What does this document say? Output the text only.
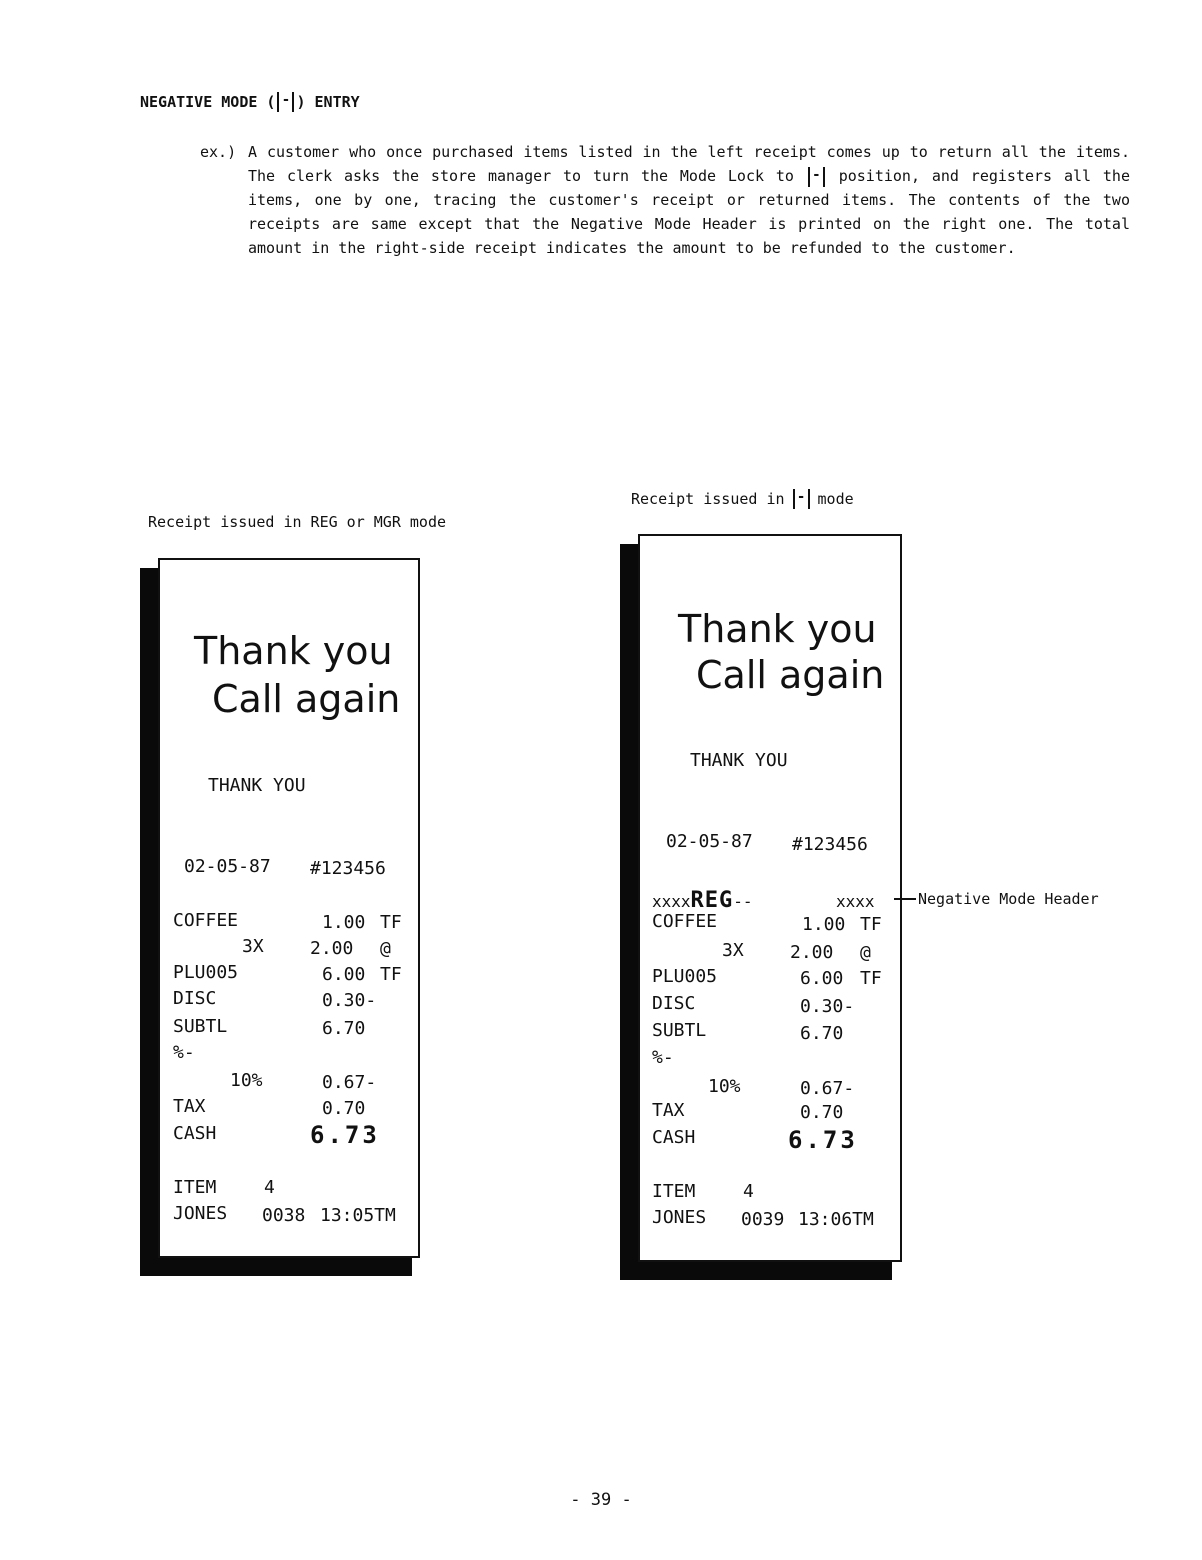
NEGATIVE MODE ( - ) ENTRY
ex.) A customer who once purchased items listed in the left receipt comes up to return all the items. The clerk asks the store manager to turn the Mode Lock to - position, and registers all the items, one by one, tracing the customer's receipt or returned items. The contents of the two receipts are same except that the Negative Mode Header is printed on the right one. The total amount in the right-side receipt indicates the amount to be refunded to the customer.
Receipt issued in REG or MGR mode
Receipt issued in - mode
Thank you
Call again
THANK YOU
02-05-87 #123456
COFFEE	1.00 TF
3X	2.00 @
PLU005	6.00 TF
DISC	0.30-
SUBTL	6.70
%-
10%	0.67-
TAX	0.70
CASH	6.73
ITEM	4
JONES 0038 13:05TM
Thank you
Call again
THANK YOU
02-05-87 #123456
xxxxREG--	xxxx
COFFEE	1.00 TF
3X	2.00 @
PLU005	6.00 TF
DISC	0.30-
SUBTL	6.70
%-
10%	0.67-
TAX	0.70
CASH	6.73
ITEM	4
JONES 0039 13:06TM
Negative Mode Header
- 39 -
